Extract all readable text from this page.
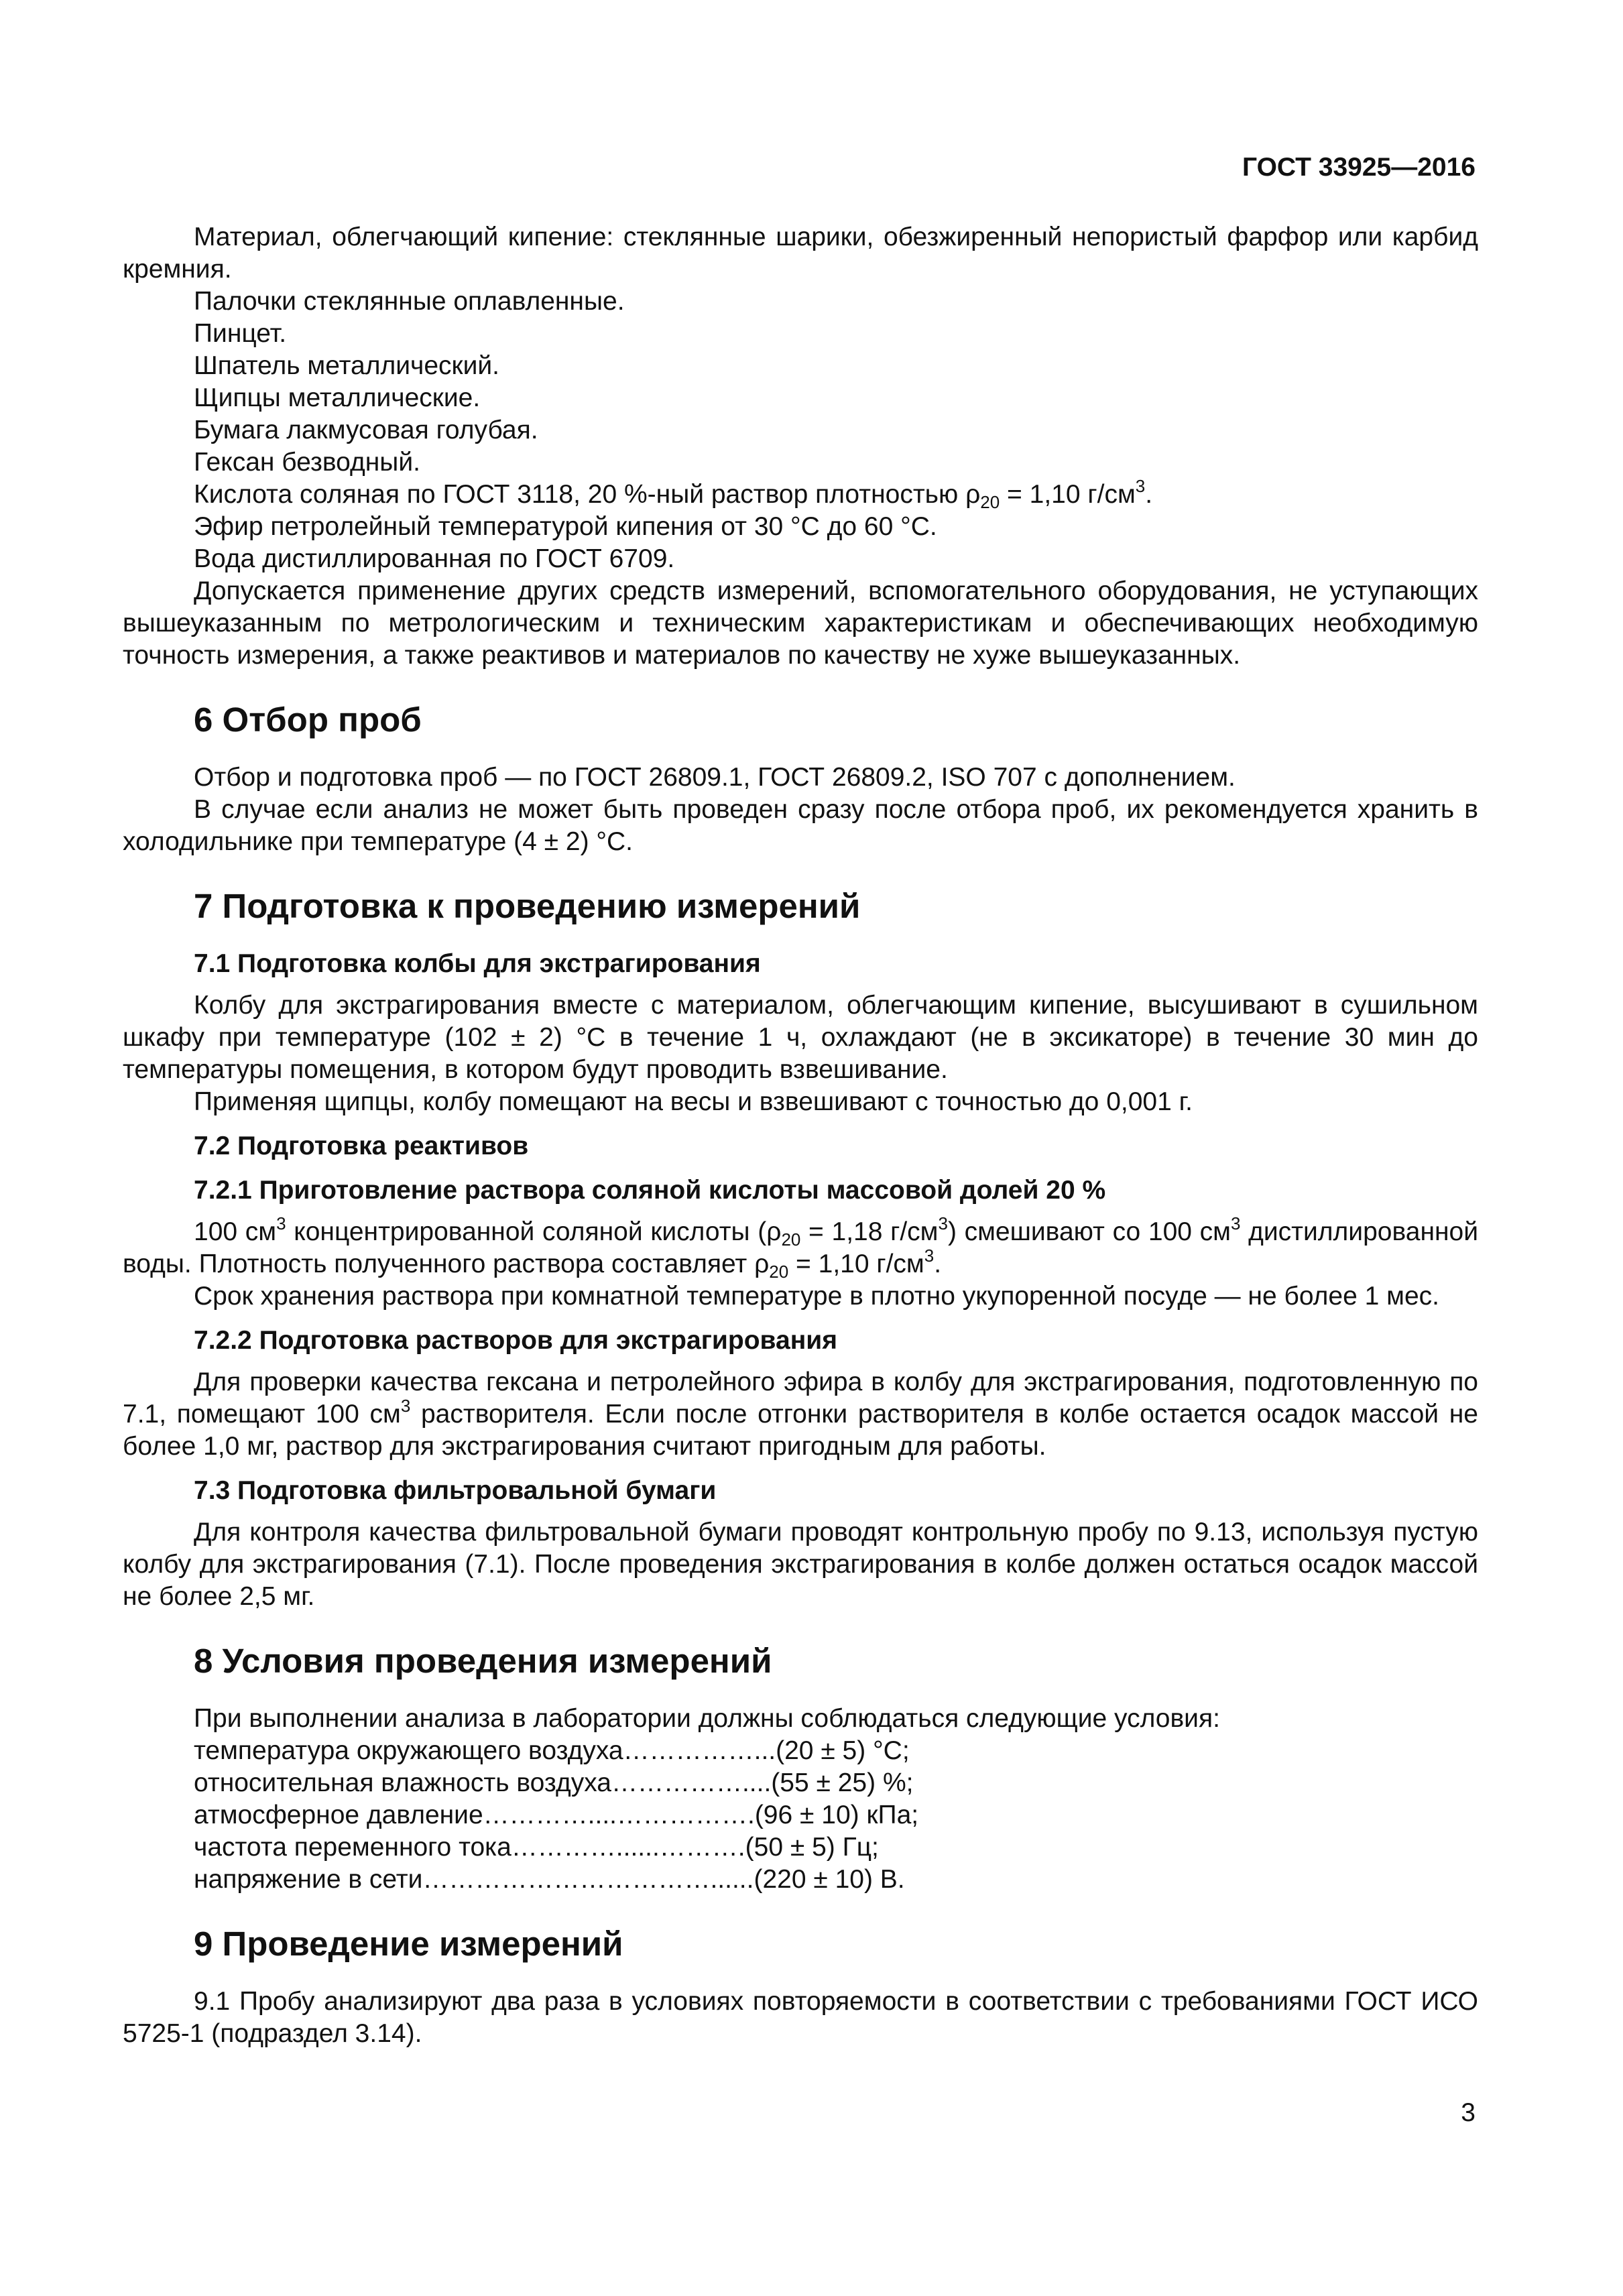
ГОСТ 33925—2016

Материал, облегчающий кипение: стеклянные шарики, обезжиренный непористый фарфор или карбид кремния.

Палочки стеклянные оплавленные.

Пинцет.

Шпатель металлический.

Щипцы металлические.

Бумага лакмусовая голубая.

Гексан безводный.

Кислота соляная по ГОСТ 3118, 20 %-ный раствор плотностью $\rho_{20} = 1,10$ $г/см^3$.

Эфир петролейный температурой кипения от 30 °С до 60 °С.

Вода дистиллированная по ГОСТ 6709.

Допускается применение других средств измерений, вспомогательного оборудования, не уступающих вышеуказанным по метрологическим и техническим характеристикам и обеспечивающих необходимую точность измерения, а также реактивов и материалов по качеству не хуже вышеуказанных.

6 Отбор проб

Отбор и подготовка проб — по ГОСТ 26809.1, ГОСТ 26809.2, ISO 707 с дополнением.

В случае если анализ не может быть проведен сразу после отбора проб, их рекомендуется хранить в холодильнике при температуре (4 ± 2) °С.

7 Подготовка к проведению измерений
7.1 Подготовка колбы для экстрагирования

Колбу для экстрагирования вместе с материалом, облегчающим кипение, высушивают в сушильном шкафу при температуре (102 ± 2) °С в течение 1 ч, охлаждают (не в эксикаторе) в течение 30 мин до температуры помещения, в котором будут проводить взвешивание.

Применяя щипцы, колбу помещают на весы и взвешивают с точностью до 0,001 г.

7.2 Подготовка реактивов
7.2.1 Приготовление раствора соляной кислоты массовой долей 20 %

100 $см^3$ концентрированной соляной кислоты ($\rho_{20} = 1,18$ $г/см^3$) смешивают со 100 $см^3$ дистиллированной воды. Плотность полученного раствора составляет $\rho_{20} = 1,10$ $г/см^3$.

Срок хранения раствора при комнатной температуре в плотно укупоренной посуде — не более 1 мес.

7.2.2 Подготовка растворов для экстрагирования

Для проверки качества гексана и петролейного эфира в колбу для экстрагирования, подготовленную по 7.1, помещают 100 $см^3$ растворителя. Если после отгонки растворителя в колбе остается осадок массой не более 1,0 мг, раствор для экстрагирования считают пригодным для работы.

7.3 Подготовка фильтровальной бумаги

Для контроля качества фильтровальной бумаги проводят контрольную пробу по 9.13, используя пустую колбу для экстрагирования (7.1). После проведения экстрагирования в колбе должен остаться осадок массой не более 2,5 мг.

8 Условия проведения измерений

При выполнении анализа в лаборатории должны соблюдаться следующие условия:

температура окружающего воздуха……………...(20 ± 5) °С;
относительная влажность воздуха……………....(55 ± 25) %;
атмосферное давление…………....…………….(96 ± 10) кПа;
частота переменного тока…………......……….(50 ± 5) Гц;
напряжение в сети……………………………......(220 ± 10) В.
9 Проведение измерений

9.1 Пробу анализируют два раза в условиях повторяемости в соответствии с требованиями ГОСТ ИСО 5725-1 (подраздел 3.14).

3
